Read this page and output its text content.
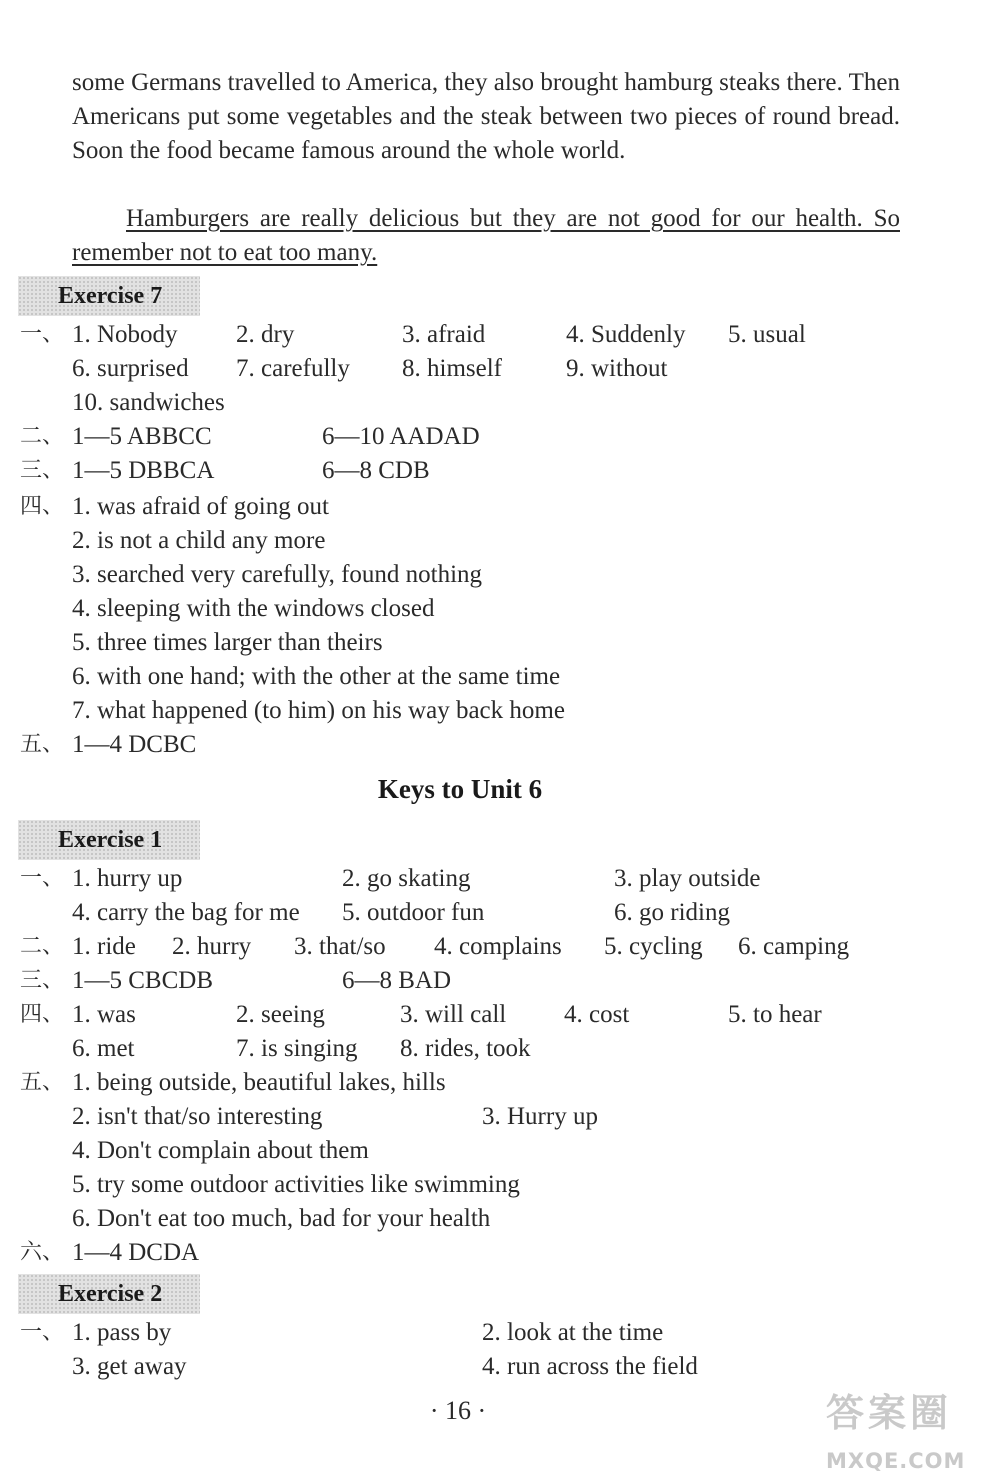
some Germans travelled to America, they also brought hamburg steaks there. Then Americans put some vegetables and the steak between two pieces of round bread. Soon the food became famous around the whole world.
Hamburgers are really delicious but they are not good for our health. So remember not to eat too many.
Exercise 7
一、 1. Nobody 2. dry	3. afraid	4. Suddenly 5. usual
6. surprised 7. carefully 8. himself	9. without
10. sandwiches
二、 1—5 ABBCC	6—10 AADAD
三、 1—5 DBBCA	6—8 CDB
四、 1. was afraid of going out
2. is not a child any more
3. searched very carefully, found nothing
4. sleeping with the windows closed
5. three times larger than theirs
6. with one hand; with the other at the same time
7. what happened (to him) on his way back home
五、 1—4 DCBC
Keys to Unit 6
Exercise 1
一、 1. hurry up	2. go skating	3. play outside
4. carry the bag for me 5. outdoor fun	6. go riding
二、 1. ride 2. hurry 3. that/so 4. complains 5. cycling 6. camping
三、 1—5 CBCDB	6—8 BAD
四、 1. was	2. seeing	3. will call 4. cost	5. to hear
6. met	7. is singing 8. rides, took
五、 1. being outside, beautiful lakes, hills
2. isn't that/so interesting	3. Hurry up
4. Don't complain about them
5. try some outdoor activities like swimming
6. Don't eat too much, bad for your health
六、 1—4 DCDA
Exercise 2
一、 1. pass by	2. look at the time
3. get away	4. run across the field
· 16 ·	答案圈
MXQE.COM
